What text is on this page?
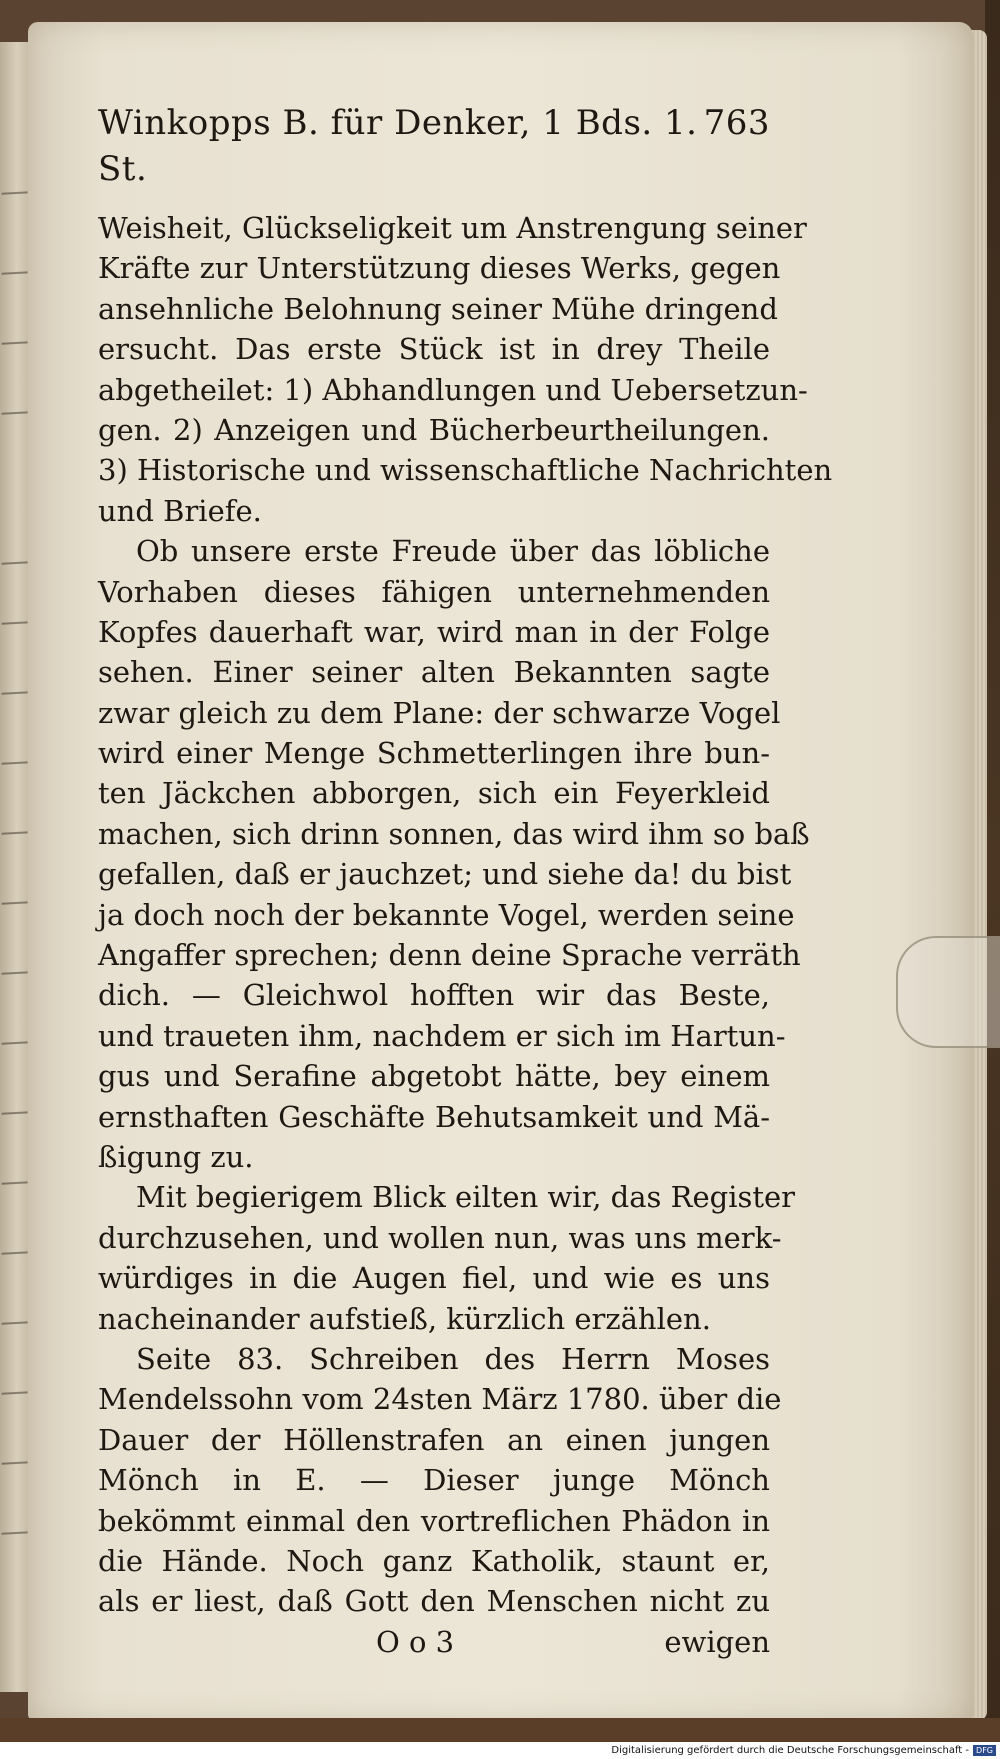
Winkopps B. für Denker, 1 Bds. 1. St.
763
Weisheit, Glückseligkeit um Anstrengung seiner
Kräfte zur Unterstützung dieses Werks, gegen
ansehnliche Belohnung seiner Mühe dringend
ersucht. Das erste Stück ist in drey Theile
abgetheilet: 1) Abhandlungen und Uebersetzun-
gen. 2) Anzeigen und Bücherbeurtheilungen.
3) Historische und wissenschaftliche Nachrichten
und Briefe.
Ob unsere erste Freude über das löbliche
Vorhaben dieses fähigen unternehmenden
Kopfes dauerhaft war, wird man in der Folge
sehen. Einer seiner alten Bekannten sagte
zwar gleich zu dem Plane: der schwarze Vogel
wird einer Menge Schmetterlingen ihre bun-
ten Jäckchen abborgen, sich ein Feyerkleid
machen, sich drinn sonnen, das wird ihm so baß
gefallen, daß er jauchzet; und siehe da! du bist
ja doch noch der bekannte Vogel, werden seine
Angaffer sprechen; denn deine Sprache verräth
dich. — Gleichwol hofften wir das Beste,
und traueten ihm, nachdem er sich im Hartun-
gus und Serafine abgetobt hätte, bey einem
ernsthaften Geschäfte Behutsamkeit und Mä-
ßigung zu.
Mit begierigem Blick eilten wir, das Register
durchzusehen, und wollen nun, was uns merk-
würdiges in die Augen fiel, und wie es uns
nacheinander aufstieß, kürzlich erzählen.
Seite 83. Schreiben des Herrn Moses
Mendelssohn vom 24sten März 1780. über die
Dauer der Höllenstrafen an einen jungen
Mönch in E. — Dieser junge Mönch
bekömmt einmal den vortreflichen Phädon in
die Hände. Noch ganz Katholik, staunt er,
als er liest, daß Gott den Menschen nicht zu
O o 3	ewigen
Digitalisierung gefördert durch die Deutsche Forschungsgemeinschaft - DFG
